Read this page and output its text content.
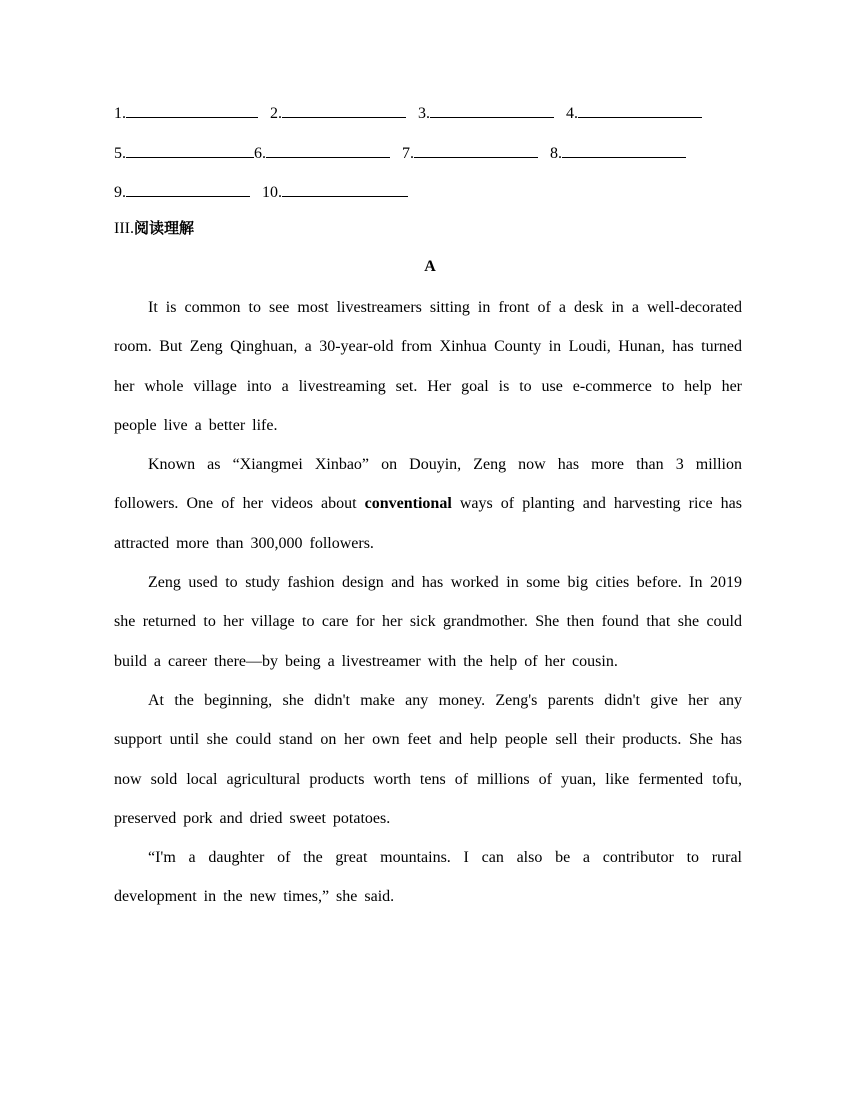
1.	2.	3.	4.
5.	6.	7.	8.
9.	10.
III.阅读理解
A

It is common to see most livestreamers sitting in front of a desk in a well-decorated room. But Zeng Qinghuan, a 30-year-old from Xinhua County in Loudi, Hunan, has turned her whole village into a livestreaming set. Her goal is to use e-commerce to help her people live a better life.

Known as “Xiangmei Xinbao” on Douyin, Zeng now has more than 3 million followers. One of her videos about conventional ways of planting and harvesting rice has attracted more than 300,000 followers.

Zeng used to study fashion design and has worked in some big cities before. In 2019 she returned to her village to care for her sick grandmother. She then found that she could build a career there—by being a livestreamer with the help of her cousin.

At the beginning, she didn't make any money. Zeng's parents didn't give her any support until she could stand on her own feet and help people sell their products. She has now sold local agricultural products worth tens of millions of yuan, like fermented tofu, preserved pork and dried sweet potatoes.

“I'm a daughter of the great mountains. I can also be a contributor to rural development in the new times,” she said.
